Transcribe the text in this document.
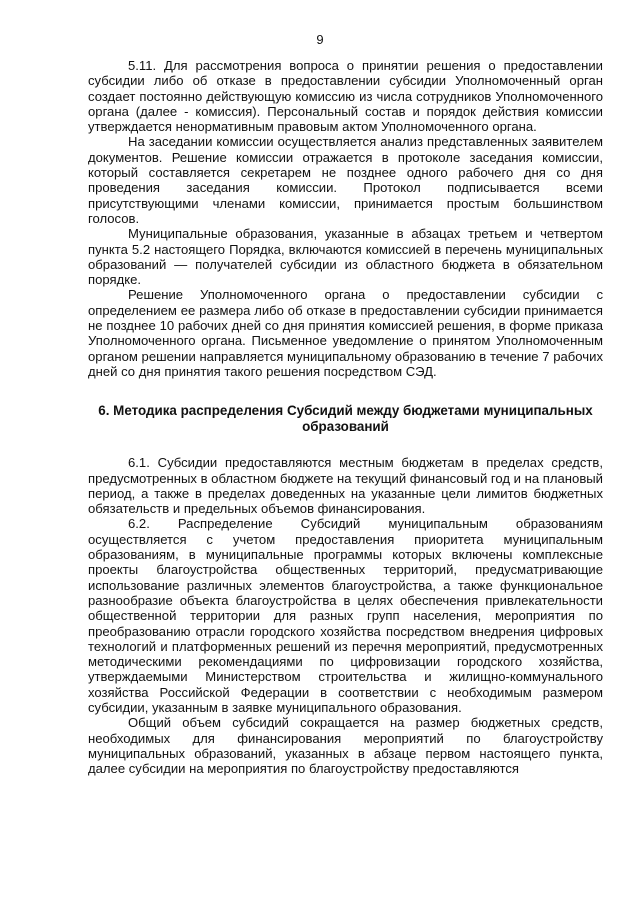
9

5.11. Для рассмотрения вопроса о принятии решения о предоставлении субсидии либо об отказе в предоставлении субсидии Уполномоченный орган создает постоянно действующую комиссию из числа сотрудников Уполномоченного органа (далее - комиссия). Персональный состав и порядок действия комиссии утверждается ненормативным правовым актом Уполномоченного органа.

На заседании комиссии осуществляется анализ представленных заявителем документов. Решение комиссии отражается в протоколе заседания комиссии, который составляется секретарем не позднее одного рабочего дня со дня проведения заседания комиссии. Протокол подписывается всеми присутствующими членами комиссии, принимается простым большинством голосов.

Муниципальные образования, указанные в абзацах третьем и четвертом пункта 5.2 настоящего Порядка, включаются комиссией в перечень муниципальных образований — получателей субсидии из областного бюджета в обязательном порядке.

Решение Уполномоченного органа о предоставлении субсидии с определением ее размера либо об отказе в предоставлении субсидии принимается не позднее 10 рабочих дней со дня принятия комиссией решения, в форме приказа Уполномоченного органа. Письменное уведомление о принятом Уполномоченным органом решении направляется муниципальному образованию в течение 7 рабочих дней со дня принятия такого решения посредством СЭД.

6. Методика распределения Субсидий между бюджетами муниципальных образований

6.1. Субсидии предоставляются местным бюджетам в пределах средств, предусмотренных в областном бюджете на текущий финансовый год и на плановый период, а также в пределах доведенных на указанные цели лимитов бюджетных обязательств и предельных объемов финансирования.

6.2. Распределение Субсидий муниципальным образованиям осуществляется с учетом предоставления приоритета муниципальным образованиям, в муниципальные программы которых включены комплексные проекты благоустройства общественных территорий, предусматривающие использование различных элементов благоустройства, а также функциональное разнообразие объекта благоустройства в целях обеспечения привлекательности общественной территории для разных групп населения, мероприятия по преобразованию отрасли городского хозяйства посредством внедрения цифровых технологий и платформенных решений из перечня мероприятий, предусмотренных методическими рекомендациями по цифровизации городского хозяйства, утверждаемыми Министерством строительства и жилищно-коммунального хозяйства Российской Федерации в соответствии с необходимым размером субсидии, указанным в заявке муниципального образования.

Общий объем субсидий сокращается на размер бюджетных средств, необходимых для финансирования мероприятий по благоустройству муниципальных образований, указанных в абзаце первом настоящего пункта, далее субсидии на мероприятия по благоустройству предоставляются
